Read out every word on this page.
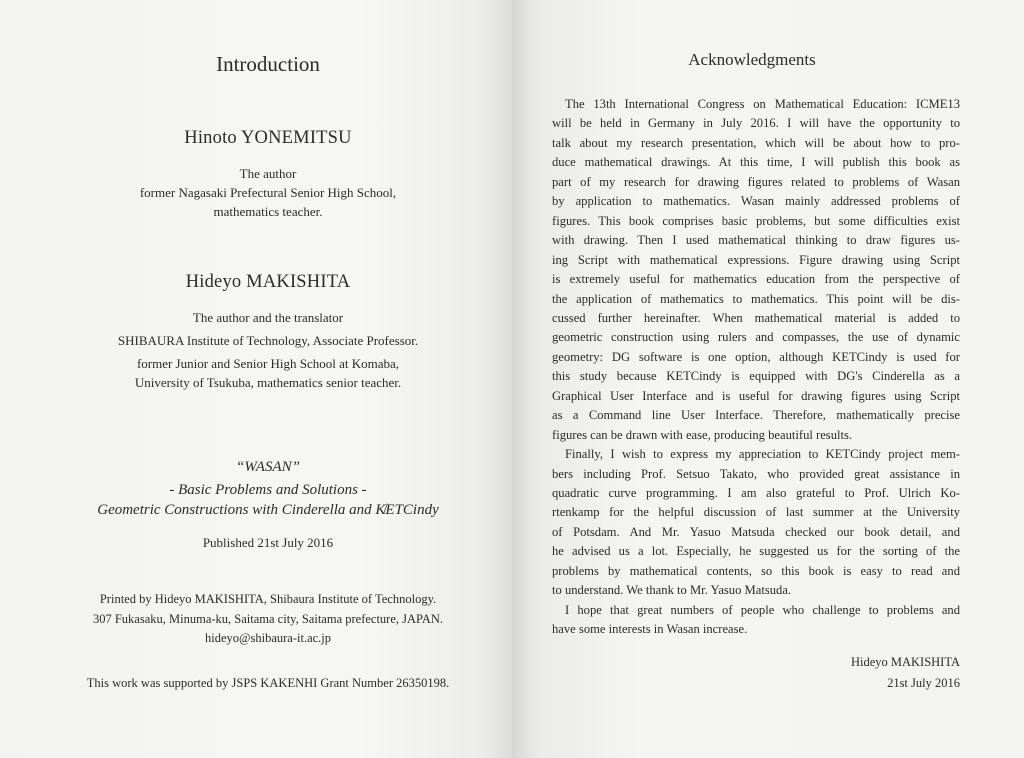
Introduction
Hinoto YONEMITSU
The author
former Nagasaki Prefectural Senior High School,
mathematics teacher.
Hideyo MAKISHITA
The author and the translator
SHIBAURA Institute of Technology, Associate Professor.
former Junior and Senior High School at Komaba,
University of Tsukuba, mathematics senior teacher.
“WASAN”
- Basic Problems and Solutions -
Geometric Constructions with Cinderella and K̸ETCindy
Published 21st July 2016
Printed by Hideyo MAKISHITA, Shibaura Institute of Technology.
307 Fukasaku, Minuma-ku, Saitama city, Saitama prefecture, JAPAN.
hideyo@shibaura-it.ac.jp
This work was supported by JSPS KAKENHI Grant Number 26350198.
Acknowledgments
The 13th International Congress on Mathematical Education: ICME13
will be held in Germany in July 2016. I will have the opportunity to
talk about my research presentation, which will be about how to pro-
duce mathematical drawings. At this time, I will publish this book as
part of my research for drawing figures related to problems of Wasan
by application to mathematics. Wasan mainly addressed problems of
figures. This book comprises basic problems, but some difficulties exist
with drawing. Then I used mathematical thinking to draw figures us-
ing Script with mathematical expressions. Figure drawing using Script
is extremely useful for mathematics education from the perspective of
the application of mathematics to mathematics. This point will be dis-
cussed further hereinafter. When mathematical material is added to
geometric construction using rulers and compasses, the use of dynamic
geometry: DG software is one option, although KETCindy is used for
this study because KETCindy is equipped with DG's Cinderella as a
Graphical User Interface and is useful for drawing figures using Script
as a Command line User Interface. Therefore, mathematically precise
figures can be drawn with ease, producing beautiful results.
Finally, I wish to express my appreciation to KETCindy project mem-
bers including Prof. Setsuo Takato, who provided great assistance in
quadratic curve programming. I am also grateful to Prof. Ulrich Ko-
rtenkamp for the helpful discussion of last summer at the University
of Potsdam. And Mr. Yasuo Matsuda checked our book detail, and
he advised us a lot. Especially, he suggested us for the sorting of the
problems by mathematical contents, so this book is easy to read and
to understand. We thank to Mr. Yasuo Matsuda.
I hope that great numbers of people who challenge to problems and
have some interests in Wasan increase.
Hideyo MAKISHITA
21st July 2016
